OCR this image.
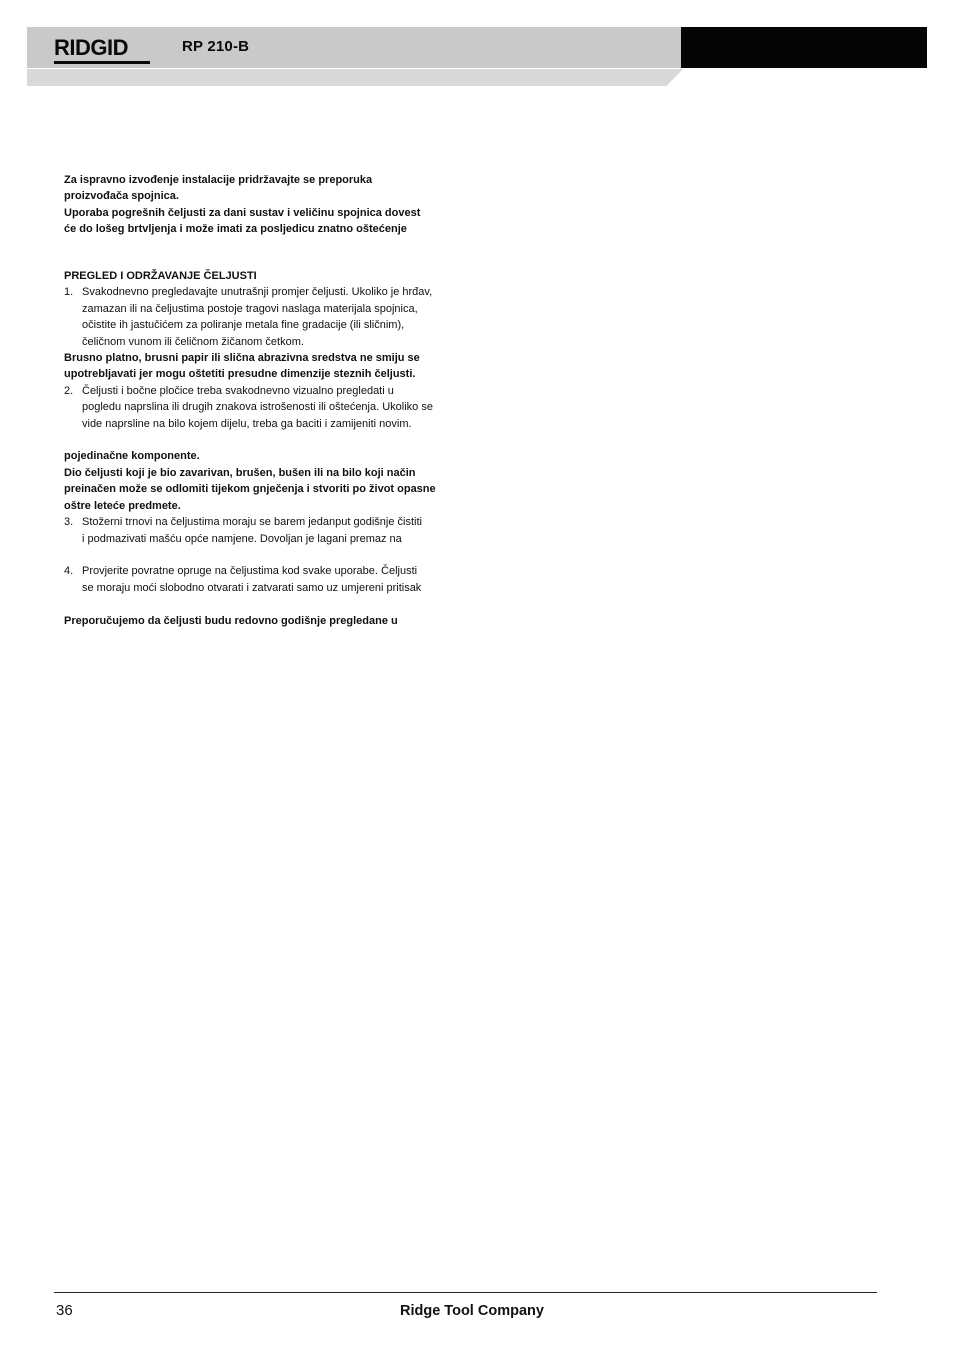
RIDGID	RP 210-B

Za ispravno izvođenje instalacije pridržavajte se preporuka

proizvođača spojnica.

Uporaba pogrešnih čeljusti za dani sustav i veličinu spojnica dovest

će do lošeg brtvljenja i može imati za posljedicu znatno oštećenje

PREGLED I ODRŽAVANJE ČELJUSTI

1. Svakodnevno pregledavajte unutrašnji promjer čeljusti. Ukoliko je hrđav,

zamazan ili na čeljustima postoje tragovi naslaga materijala spojnica,

očistite ih jastučićem za poliranje metala fine gradacije (ili sličnim),

čeličnom vunom ili čeličnom žičanom četkom.

Brusno platno, brusni papir ili slična abrazivna sredstva ne smiju se

upotrebljavati jer mogu oštetiti presudne dimenzije steznih čeljusti.

2. Čeljusti i bočne pločice treba svakodnevno vizualno pregledati u

pogledu naprslina ili drugih znakova istrošenosti ili oštećenja. Ukoliko se

vide naprsline na bilo kojem dijelu, treba ga baciti i zamijeniti novim.

pojedinačne komponente.

Dio čeljusti koji je bio zavarivan, brušen, bušen ili na bilo koji način

preinačen može se odlomiti tijekom gnječenja i stvoriti po život opasne

oštre leteće predmete.

3. Stožerni trnovi na čeljustima moraju se barem jedanput godišnje čistiti

i podmazivati mašću opće namjene. Dovoljan je lagani premaz na

4. Provjerite povratne opruge na čeljustima kod svake uporabe. Čeljusti

se moraju moći slobodno otvarati i zatvarati samo uz umjereni pritisak

Preporučujemo da čeljusti budu redovno godišnje pregledane u

36	Ridge Tool Company
